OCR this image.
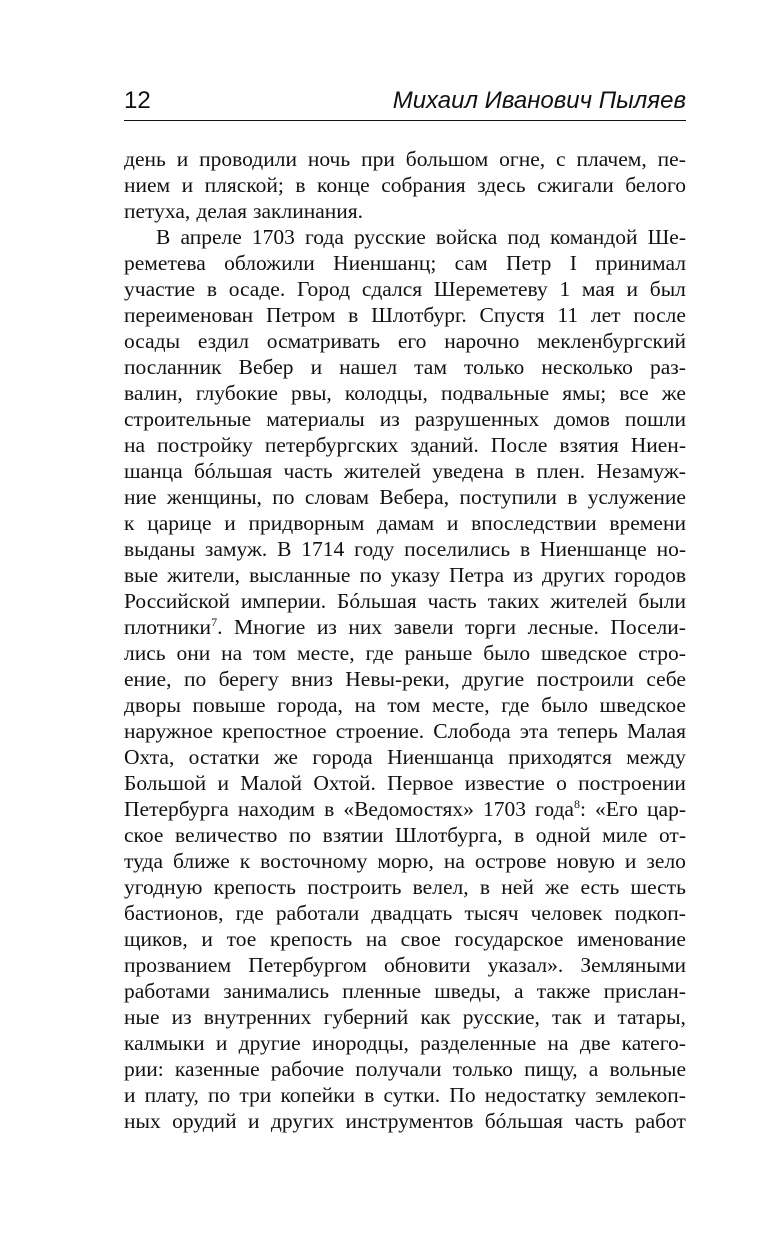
12	Михаил Иванович Пыляев
день и проводили ночь при большом огне, с плачем, пе-
нием и пляской; в конце собрания здесь сжигали белого
петуха, делая заклинания.
В апреле 1703 года русские войска под командой Ше-
реметева обложили Ниеншанц; сам Петр I принимал
участие в осаде. Город сдался Шереметеву 1 мая и был
переименован Петром в Шлотбург. Спустя 11 лет после
осады ездил осматривать его нарочно мекленбургский
посланник Вебер и нашел там только несколько раз-
валин, глубокие рвы, колодцы, подвальные ямы; все же
строительные материалы из разрушенных домов пошли
на постройку петербургских зданий. После взятия Ниен-
шанца бóльшая часть жителей уведена в плен. Незамуж-
ние женщины, по словам Вебера, поступили в услужение
к царице и придворным дамам и впоследствии времени
выданы замуж. В 1714 году поселились в Ниеншанце но-
вые жители, высланные по указу Петра из других городов
Российской империи. Бóльшая часть таких жителей были
плотники$^7$. Многие из них завели торги лесные. Посели-
лись они на том месте, где раньше было шведское стро-
ение, по берегу вниз Невы-реки, другие построили себе
дворы повыше города, на том месте, где было шведское
наружное крепостное строение. Слобода эта теперь Малая
Охта, остатки же города Ниеншанца приходятся между
Большой и Малой Охтой. Первое известие о построении
Петербурга находим в «Ведомостях» 1703 года$^8$: «Его цар-
ское величество по взятии Шлотбурга, в одной миле от-
туда ближе к восточному морю, на острове новую и зело
угодную крепость построить велел, в ней же есть шесть
бастионов, где работали двадцать тысяч человек подкоп-
щиков, и тое крепость на свое государское именование
прозванием Петербургом обновити указал». Земляными
работами занимались пленные шведы, а также прислан-
ные из внутренних губерний как русские, так и татары,
калмыки и другие инородцы, разделенные на две катего-
рии: казенные рабочие получали только пищу, а вольные
и плату, по три копейки в сутки. По недостатку землекоп-
ных орудий и других инструментов бóльшая часть работ
